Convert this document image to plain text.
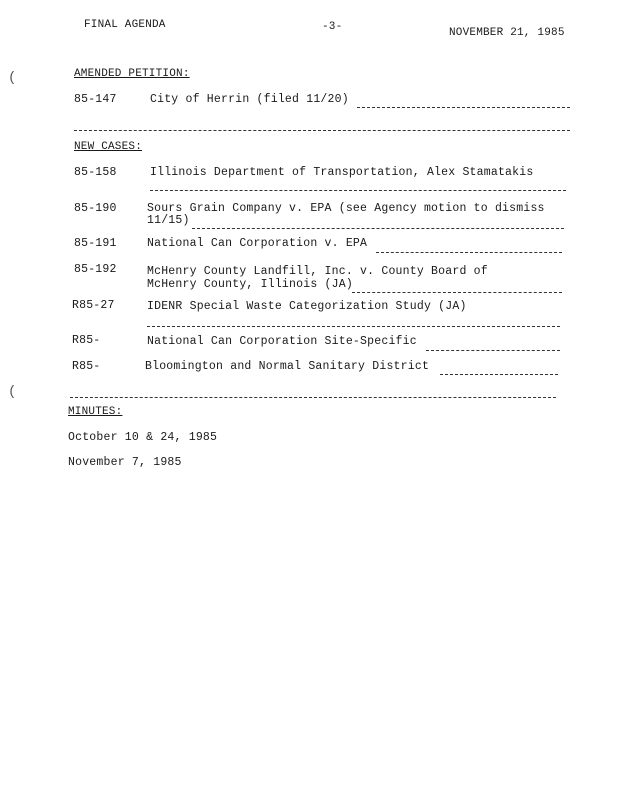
FINAL AGENDA	-3-	NOVEMBER 21, 1985
(
(
AMENDED PETITION:
85-147	City of Herrin (filed 11/20)
NEW CASES:
85-158	Illinois Department of Transportation, Alex Stamatakis
85-190	Sours Grain Company v. EPA (see Agency motion to dismiss
11/15)
85-191	National Can Corporation v. EPA
85-192	McHenry County Landfill, Inc. v. County Board of
McHenry County, Illinois (JA)
R85-27	IDENR Special Waste Categorization Study (JA)
R85-	National Can Corporation Site-Specific
R85-	Bloomington and Normal Sanitary District
MINUTES:
October 10 & 24, 1985
November 7, 1985
